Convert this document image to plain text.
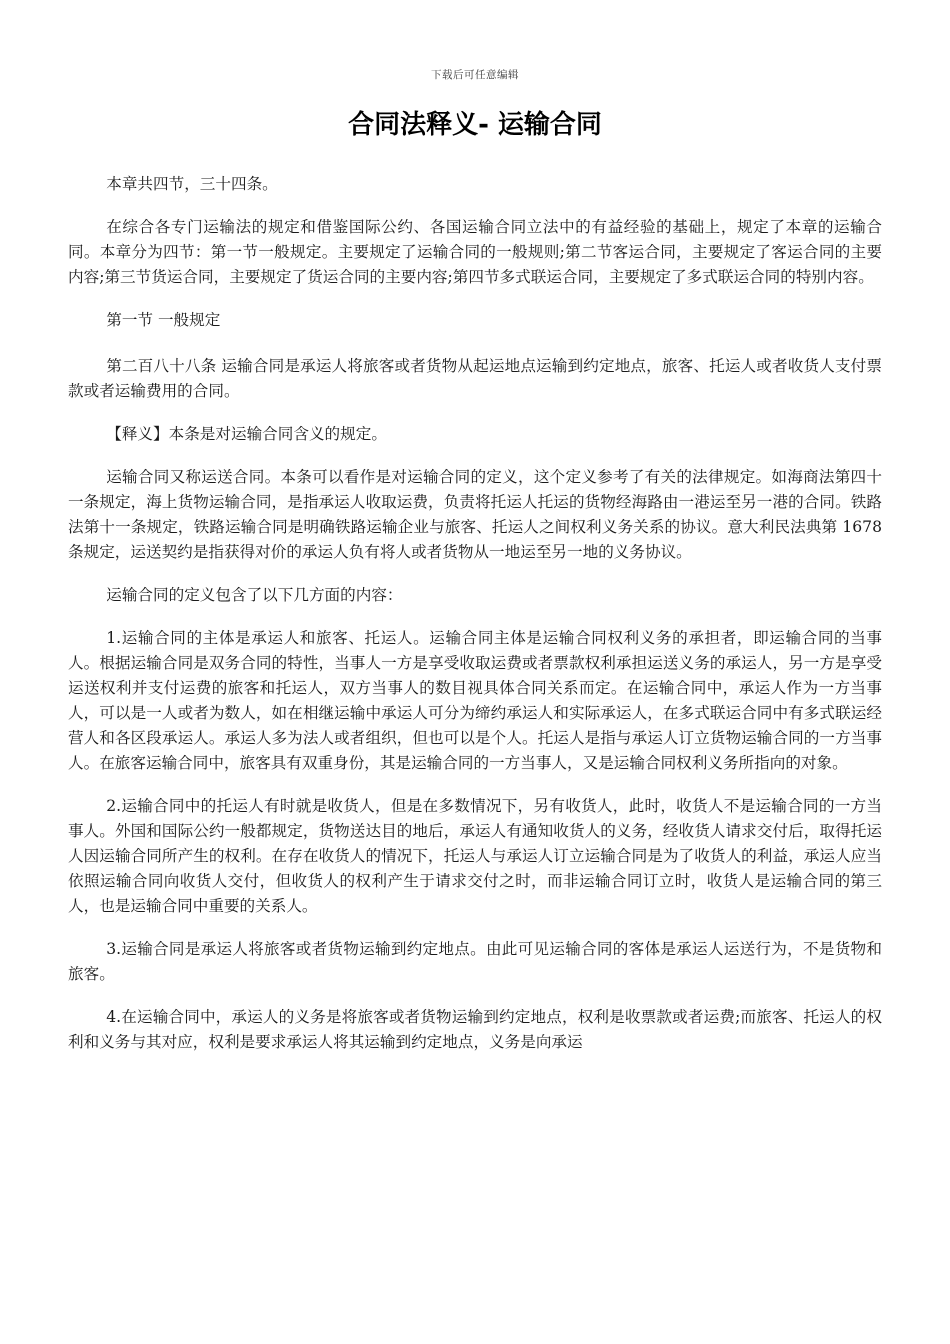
下载后可任意编辑
合同法释义- 运输合同

本章共四节，三十四条。

在综合各专门运输法的规定和借鉴国际公约、各国运输合同立法中的有益经验的基础上，规定了本章的运输合同。本章分为四节：第一节一般规定。主要规定了运输合同的一般规则;第二节客运合同，主要规定了客运合同的主要内容;第三节货运合同，主要规定了货运合同的主要内容;第四节多式联运合同，主要规定了多式联运合同的特别内容。

第一节 一般规定

第二百八十八条 运输合同是承运人将旅客或者货物从起运地点运输到约定地点，旅客、托运人或者收货人支付票款或者运输费用的合同。

【释义】本条是对运输合同含义的规定。

运输合同又称运送合同。本条可以看作是对运输合同的定义，这个定义参考了有关的法律规定。如海商法第四十一条规定，海上货物运输合同，是指承运人收取运费，负责将托运人托运的货物经海路由一港运至另一港的合同。铁路法第十一条规定，铁路运输合同是明确铁路运输企业与旅客、托运人之间权利义务关系的协议。意大利民法典第 1678 条规定，运送契约是指获得对价的承运人负有将人或者货物从一地运至另一地的义务协议。

运输合同的定义包含了以下几方面的内容：

1.运输合同的主体是承运人和旅客、托运人。运输合同主体是运输合同权利义务的承担者，即运输合同的当事人。根据运输合同是双务合同的特性，当事人一方是享受收取运费或者票款权利承担运送义务的承运人，另一方是享受运送权利并支付运费的旅客和托运人，双方当事人的数目视具体合同关系而定。在运输合同中，承运人作为一方当事人，可以是一人或者为数人，如在相继运输中承运人可分为缔约承运人和实际承运人，在多式联运合同中有多式联运经营人和各区段承运人。承运人多为法人或者组织，但也可以是个人。托运人是指与承运人订立货物运输合同的一方当事人。在旅客运输合同中，旅客具有双重身份，其是运输合同的一方当事人，又是运输合同权利义务所指向的对象。

2.运输合同中的托运人有时就是收货人，但是在多数情况下，另有收货人，此时，收货人不是运输合同的一方当事人。外国和国际公约一般都规定，货物送达目的地后，承运人有通知收货人的义务，经收货人请求交付后，取得托运人因运输合同所产生的权利。在存在收货人的情况下，托运人与承运人订立运输合同是为了收货人的利益，承运人应当依照运输合同向收货人交付，但收货人的权利产生于请求交付之时，而非运输合同订立时，收货人是运输合同的第三人，也是运输合同中重要的关系人。

3.运输合同是承运人将旅客或者货物运输到约定地点。由此可见运输合同的客体是承运人运送行为，不是货物和旅客。

4.在运输合同中，承运人的义务是将旅客或者货物运输到约定地点，权利是收票款或者运费;而旅客、托运人的权利和义务与其对应，权利是要求承运人将其运输到约定地点，义务是向承运
